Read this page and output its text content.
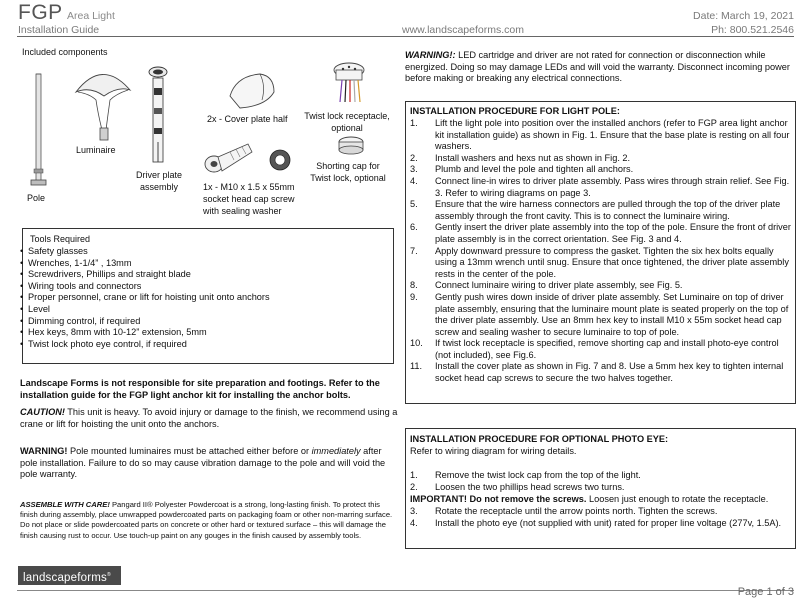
FGP Area Light
Installation Guide	www.landscapeforms.com
Date: March 19, 2021
Ph: 800.521.2546
Included components
Pole
Luminaire
Driver plate
assembly
2x - Cover plate half
1x - M10 x 1.5 x 55mm
socket head cap screw
with sealing washer
Twist lock receptacle,
optional
Shorting cap for
Twist lock, optional
Tools Required
• Safety glasses
• Wrenches, 1-1/4” , 13mm
• Screwdrivers, Phillips and straight blade
• Wiring tools and connectors
• Proper personnel, crane or lift for hoisting unit onto anchors
• Level
• Dimming control, if required
• Hex keys, 8mm with 10-12” extension, 5mm
• Twist lock photo eye control, if required
Landscape Forms is not responsible for site preparation and footings. Refer to the installation guide for the FGP light anchor kit for installing the anchor bolts.
CAUTION! This unit is heavy. To avoid injury or damage to the finish, we recommend using a crane or lift for hoisting the unit onto the anchors.
WARNING! Pole mounted luminaires must be attached either before or immediately after pole installation. Failure to do so may cause vibration damage to the pole and will void the pole warranty.
ASSEMBLE WITH CARE! Pangard II® Polyester Powdercoat is a strong, long-lasting finish. To protect this finish during assembly, place unwrapped powdercoated parts on packaging foam or other non-marring surface. Do not place or slide powdercoated parts on concrete or other hard or textured surface – this will damage the finish causing rust to occur. Use touch-up paint on any gouges in the finish caused by assembly tools.
WARNING!: LED cartridge and driver are not rated for connection or disconnection while energized. Doing so may damage LEDs and will void the warranty. Disconnect incoming power before making or breaking any electrical connections.
INSTALLATION PROCEDURE FOR LIGHT POLE:
1. Lift the light pole into position over the installed anchors (refer to FGP area light anchor kit installation guide) as shown in Fig. 1. Ensure that the base plate is resting on all four washers.
2. Install washers and hexs nut as shown in Fig. 2.
3. Plumb and level the pole and tighten all anchors.
4. Connect line-in wires to driver plate assembly. Pass wires through strain relief. See Fig. 3. Refer to wiring diagrams on page 3.
5. Ensure that the wire harness connectors are pulled through the top of the driver plate assembly through the front cavity. This is to connect the luminaire wiring.
6. Gently insert the driver plate assembly into the top of the pole. Ensure the front of driver plate assembly is in the correct orientation. See Fig. 3 and 4.
7. Apply downward pressure to compress the gasket. Tighten the six hex bolts equally using a 13mm wrench until snug. Ensure that once tightened, the driver plate assembly rests in the center of the pole.
8. Connect luminaire wiring to driver plate assembly, see Fig. 5.
9. Gently push wires down inside of driver plate assembly. Set Luminaire on top of driver plate assembly, ensuring that the luminaire mount plate is seated properly on the top of the driver plate assembly. Use an 8mm hex key to install M10 x 55m socket head cap screw and sealing washer to secure luminaire to top of pole.
10. If twist lock receptacle is specified, remove shorting cap and install photo-eye control (not included), see Fig.6.
11. Install the cover plate as shown in Fig. 7 and 8. Use a 5mm hex key to tighten internal socket head cap screws to secure the two halves together.
INSTALLATION PROCEDURE FOR OPTIONAL PHOTO EYE:
Refer to wiring diagram for wiring details.
1. Remove the twist lock cap from the top of the light.
2. Loosen the two phillips head screws two turns.
IMPORTANT! Do not remove the screws. Loosen just enough to rotate the receptacle.
3. Rotate the receptacle until the arrow points north. Tighten the screws.
4. Install the photo eye (not supplied with unit) rated for proper line voltage (277v, 1.5A).
landscapeforms®
Page 1 of 3
